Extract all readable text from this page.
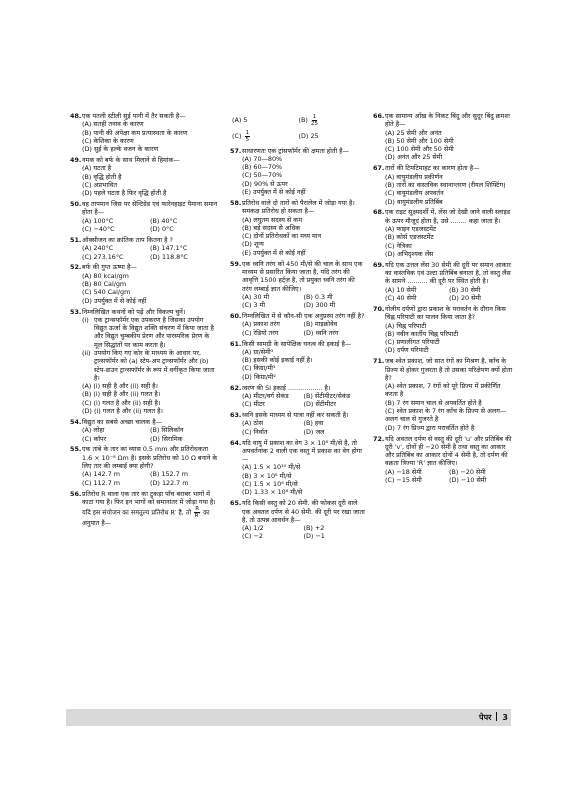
48. एक पतली स्टीली सुई पानी में तैर सकती है—
(A) सतही तनाव के कारण
(B) पानी की अपेक्षा कम प्रत्यास्थता के कारण
(C) केशिका के कारण
(D) सुई के हल्के वजन के कारण
49. नमक को बर्फ के साथ मिलाने से हिमांक—
(A) घटता है
(B) वृद्धि होती है
(C) अप्रभावित
(D) पहले घटता है फिर वृद्धि होती है
50. वह तापमान जिस पर सेन्टिग्रेड एवं फारेनहाइट पैमाना समान होता है—
(A) 100°C	(B) 40°C
(C) −40°C	(D) 0°C
51. ऑक्सीजन का क्रांतिक ताप कितना है ?
(A) 240°C	(B) 147.1°C
(C) 273.16°C	(D) 118.8°C
52. बर्फ की गुप्त ऊष्मा है—
(A) 80 kcal/gm
(B) 80 Cal/gm
(C) 540 Cal/gm
(D) उपर्युक्त में से कोई नहीं
53. निम्नलिखित कथनों को पढ़ें और विकल्प चुनें।
(i) एक ट्रान्सफॉर्मर एक उपकरण है जिसका उपयोग विद्युत ऊर्जा के विद्युत शक्ति संचरण में किया जाता है और विद्युत चुम्बकीय प्रेरण और पारस्परिक प्रेरण के मूल सिद्धांतों पर काम करता है।
(ii) उपयोग किए गए कोर के माध्यम के आधार पर, ट्रान्सफॉर्मर को (a) स्टेप-अप ट्रान्सफॉर्मर और (b) स्टेप-डाउन ट्रान्सफॉर्मर के रूप में वर्गीकृत किया जाता है।
(A) (i) सही है और (ii) सही है।
(B) (i) सही है और (ii) गलत है।
(C) (i) गलत है और (ii) सही है।
(D) (i) गलत है और (ii) गलत है।
54. विद्युत का सबसे अच्छा चालक है—
(A) लोहा	(B) सिलिकॉन
(C) कॉपर	(D) सिरामिक
55. एक तांबे के तार का व्यास 0.5 mm और प्रतिरोधकता 1.6 × 10⁻⁸ Ωm है। इसके प्रतिरोध को 10 Ω बनाने के लिए तार की लम्बाई क्या होगी?
(A) 142.7 m	(B) 152.7 m
(C) 112.7 m	(D) 122.7 m
56. प्रतिरोध R वाला एक तार का टुकड़ा पाँच बराबर भागों में काटा गया है। फिर इन भागों को समानांतर में जोड़ा गया है। यदि इस संयोजन का समतुल्य प्रतिरोध R′ है, तो $\frac{R}{R'}$ का अनुपात है—
(A) 5	(B)
$\frac{1}{25}$
(C)
$\frac{1}{5}$	(D) 25
57. साधारणतः एक ट्रांसफॉर्मर की क्षमता होती है—
(A) 70—80%
(B) 60—70%
(C) 50—70%
(D) 90% से ऊपर
(E) उपर्युक्त में से कोई नहीं
58. प्रतिरोध वाले दो तारों को पैरालेल में जोड़ा गया है। समकक्ष प्रतिरोध हो सकता है—
(A) लघुतम सदस्य से कम
(B) बड़े सदस्य से अधिक
(C) दोनों प्रतिरोधकों का मध्य मान
(D) शून्य
(E) उपर्युक्त में से कोई नहीं
59. एक ध्वनि तरंग को 450 मी/से की चाल के साथ एक माध्यम से प्रसारित किया जाता है, यदि तरंग की आवृत्ति 1500 हर्ट्ज़ है, तो प्रयुक्त ध्वनि तरंग की तरंग लम्बाई ज्ञात कीजिए।
(A) 30 मी	(B) 0.3 मी
(C) 3 मी	(D) 300 मी
60. निम्नलिखित में से कौन-सी एक अनुप्रस्थ तरंग नहीं है?
(A) प्रकाश तरंग	(B) माइक्रोवेव
(C) रेडियो तरंग	(D) ध्वनि तरंग
61. किसी सामग्री के सापेक्षिक घनत्व की इकाई है—
(A) ग्रा/सेमी³
(B) इसकी कोई इकाई नहीं है।
(C) किग्रा/मी³
(D) किग्रा/मी²
62. त्वरण की SI इकाई ................. है।
(A) मीटर/वर्ग सेकंड	(B) सेंटीमीटर/सेकंड
(C) मीटर	(D) सेंटीमीटर
63. ध्वनि इसके माध्यम से यात्रा नहीं कर सकती है।
(A) ठोस	(B) हवा
(C) निर्वात	(D) जल
64. यदि वायु में प्रकाश का वेग 3 × 10⁸ मी/से है, तो अपवर्तनांक 2 वाली एक वस्तु में प्रकाश का वेग होगा—
(A) 1.5 × 10¹⁰ मी/से
(B) 3 × 10⁸ मी/से
(C) 1.5 × 10⁸ मी/से
(D) 1.33 × 10⁸ मी/से
65. यदि किसी वस्तु को 20 सेमी. की फोकस दूरी वाले एक अवतल दर्पण से 40 सेमी. की दूरी पर रखा जाता है, तो उत्पन्न आवर्धन है—
(A) 1/2	(B) +2
(C) −2	(D) −1
66. एक सामान्य आँख के निकट बिंदु और सुदूर बिंदु क्रमशः होते है—
(A) 25 सेमी और अनंत
(B) 50 सेमी और 100 सेमी
(C) 100 सेमी और 50 सेमी
(D) अनंत और 25 सेमी
67. तारों की टिमटिमाहट का कारण होता है—
(A) वायुमंडलीय प्रकीर्णन
(B) तारों का वास्तविक स्थानान्तरण (रीयल शिफ्टिंग)
(C) वायुमंडलीय अपवर्तन
(D) वायुमंडलीय प्रतिबिंब
68. एक राइट सूक्ष्मदर्शी में, लेंस जो देखी जाने वाली स्लाइड के ऊपर मौजूद होता है, उसे ........ कहा जाता है।
(A) फाइन एडजस्टमेंट
(B) कोर्स एडजस्टमेंट
(C) नेत्रिका
(D) अभिदृश्यक लेंस
69. यदि एक उत्तल लेंस 30 सेमी की दूरी पर समान आकार का वास्तविक एवं उल्टा प्रतिबिंब बनाता है, तो वस्तु लैंस के सामने .......... की दूरी पर स्थित होती है।
(A) 10 सेमी	(B) 30 सेमी
(C) 40 सेमी	(D) 20 सेमी
70. गोलीय दर्पणों द्वारा प्रकाश के परावर्तन के दौरान किस चिह्न परिपाटी का पालन किया जाता है?
(A) चिह्न परिपाटी
(B) नवीन कार्तीय चिह्न परिपाटी
(C) प्रणालीगत परिपाटी
(D) दर्पण परिपाटी
71. जब श्वेत प्रकाश, जो सात रंगों का मिश्रण है, काँच के प्रिज्म से होकर गुजरता है तो उसका परिक्षेपण क्यों होता है?
(A) श्वेत प्रकाश, 7 रंगों को पूरे प्रिज्म में प्रकीर्णित करता है
(B) 7 रंग समान चाल से अपवर्तित होते है
(C) श्वेत प्रकाश के 7 रंग काँच के प्रिज्म से अलग—अलग चाल से गुजरते है
(D) 7 रंग प्रिज्म द्वारा परावर्तित होते है
72. यदि अवतल दर्पण से वस्तु की दूरी 'u' और प्रतिबिंब की दूरी 'v', दोनों ही −20 सेमी है तथा वस्तु का आकार और प्रतिबिंब का आकार दोनों 4 सेमी है, तो दर्पण की वक्रता त्रिज्या 'R' ज्ञात कीजिए।
(A) −18 सेमी	(B) −20 सेमी
(C) −15 सेमी	(D) −10 सेमी
पेपर 3
